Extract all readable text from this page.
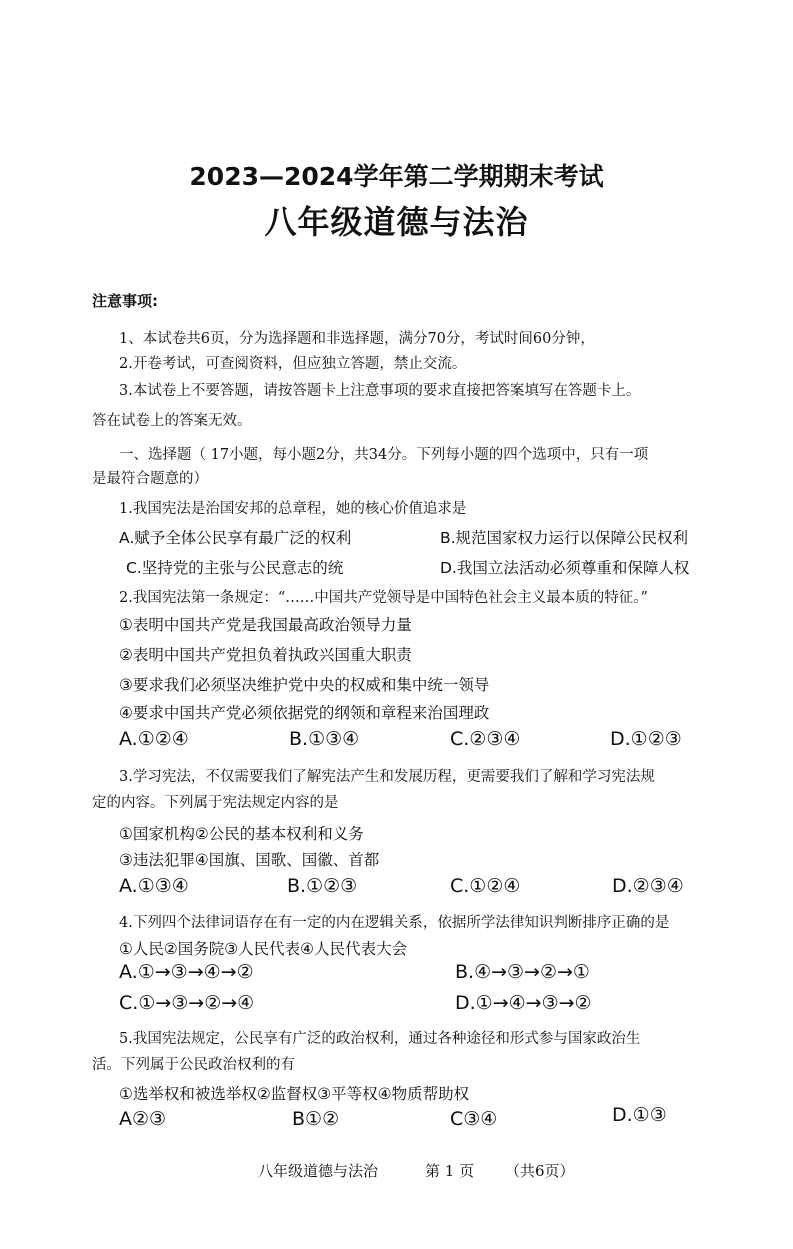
2023—2024学年第二学期期末考试
八年级道德与法治
注意事项:
1、本试卷共6页，分为选择题和非选择题，满分70分，考试时间60分钟，
2.开卷考试，可查阅资料，但应独立答题，禁止交流。
3.本试卷上不要答题，请按答题卡上注意事项的要求直接把答案填写在答题卡上。
答在试卷上的答案无效。
一、选择题（ 17小题，每小题2分，共34分。下列每小题的四个选项中，只有一项
是最符合题意的）
1.我国宪法是治国安邦的总章程，她的核心价值追求是
A.赋予全体公民享有最广泛的权利	B.规范国家权力运行以保障公民权利
C.坚持党的主张与公民意志的统	D.我国立法活动必须尊重和保障人权
2.我国宪法第一条规定：“……中国共产党领导是中国特色社会主义最本质的特征。”
①表明中国共产党是我国最高政治领导力量
②表明中国共产党担负着执政兴国重大职责
③要求我们必须坚决维护党中央的权威和集中统一领导
④要求中国共产党必须依据党的纲领和章程来治国理政
A.①②④	B.①③④	C.②③④	D.①②③
3.学习宪法，不仅需要我们了解宪法产生和发展历程，更需要我们了解和学习宪法规
定的内容。下列属于宪法规定内容的是
①国家机构②公民的基本权利和义务
③违法犯罪④国旗、国歌、国徽、首都
A.①③④	B.①②③	C.①②④	D.②③④
4.下列四个法律词语存在有一定的内在逻辑关系，依据所学法律知识判断排序正确的是
①人民②国务院③人民代表④人民代表大会
A.①→③→④→②	B.④→③→②→①
C.①→③→②→④	D.①→④→③→②
5.我国宪法规定，公民享有广泛的政治权利，通过各种途径和形式参与国家政治生
活。下列属于公民政治权利的有
①选举权和被选举权②监督权③平等权④物质帮助权
A②③	B①②	C③④	D.①③
八年级道德与法治	第 1 页 （共6页）
